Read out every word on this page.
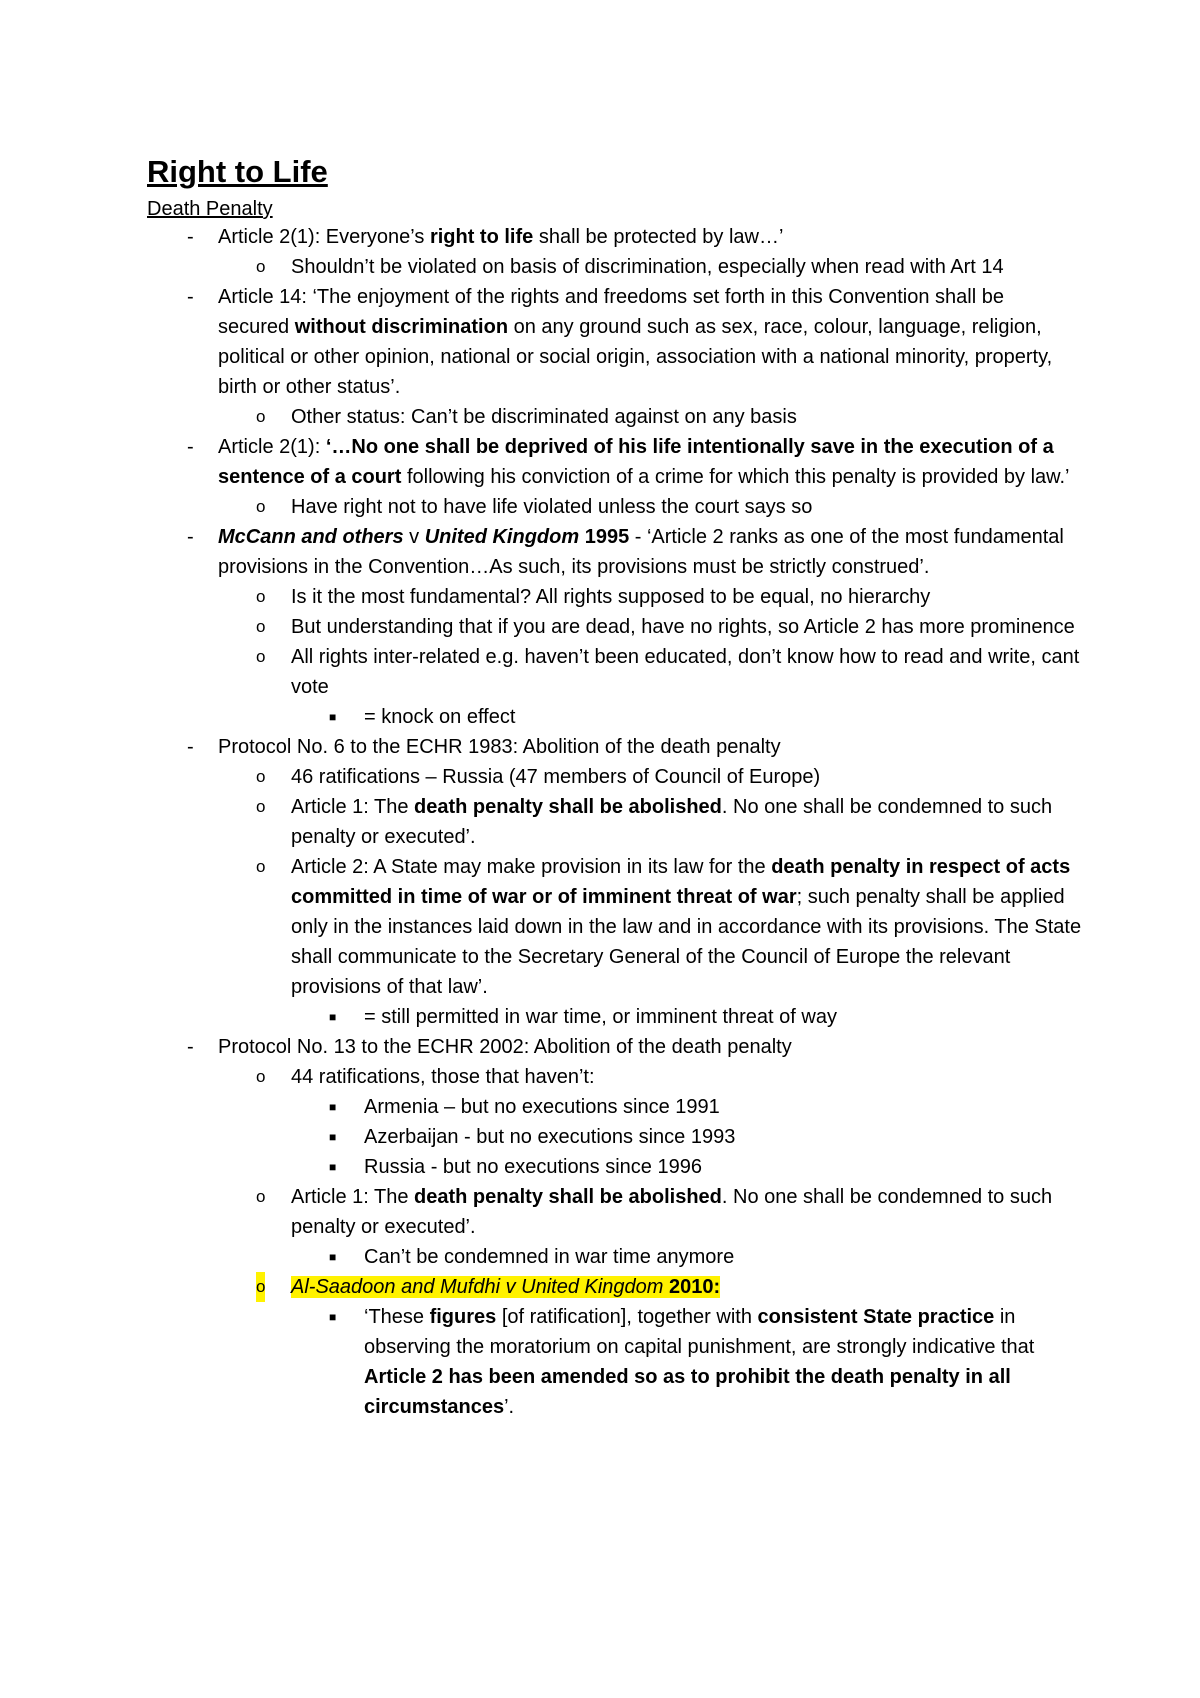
Right to Life
Death Penalty
- Article 2(1): Everyone’s right to life shall be protected by law…’
o Shouldn’t be violated on basis of discrimination, especially when read with Art 14
- Article 14: ‘The enjoyment of the rights and freedoms set forth in this Convention shall be secured without discrimination on any ground such as sex, race, colour, language, religion, political or other opinion, national or social origin, association with a national minority, property, birth or other status’.
o Other status: Can’t be discriminated against on any basis
- Article 2(1): ‘…No one shall be deprived of his life intentionally save in the execution of a sentence of a court following his conviction of a crime for which this penalty is provided by law.’
o Have right not to have life violated unless the court says so
- McCann and others v United Kingdom 1995 - ‘Article 2 ranks as one of the most fundamental provisions in the Convention…As such, its provisions must be strictly construed’.
o Is it the most fundamental? All rights supposed to be equal, no hierarchy
o But understanding that if you are dead, have no rights, so Article 2 has more prominence
o All rights inter-related e.g. haven’t been educated, don’t know how to read and write, cant vote
■ = knock on effect
- Protocol No. 6 to the ECHR 1983: Abolition of the death penalty
o 46 ratifications – Russia (47 members of Council of Europe)
o Article 1: The death penalty shall be abolished. No one shall be condemned to such penalty or executed’.
o Article 2: A State may make provision in its law for the death penalty in respect of acts committed in time of war or of imminent threat of war; such penalty shall be applied only in the instances laid down in the law and in accordance with its provisions. The State shall communicate to the Secretary General of the Council of Europe the relevant provisions of that law’.
■ = still permitted in war time, or imminent threat of way
- Protocol No. 13 to the ECHR 2002: Abolition of the death penalty
o 44 ratifications, those that haven’t:
■ Armenia – but no executions since 1991
■ Azerbaijan - but no executions since 1993
■ Russia - but no executions since 1996
o Article 1: The death penalty shall be abolished. No one shall be condemned to such penalty or executed’.
■ Can’t be condemned in war time anymore
o Al-Saadoon and Mufdhi v United Kingdom 2010:
■ ‘These figures [of ratification], together with consistent State practice in observing the moratorium on capital punishment, are strongly indicative that Article 2 has been amended so as to prohibit the death penalty in all circumstances’.
